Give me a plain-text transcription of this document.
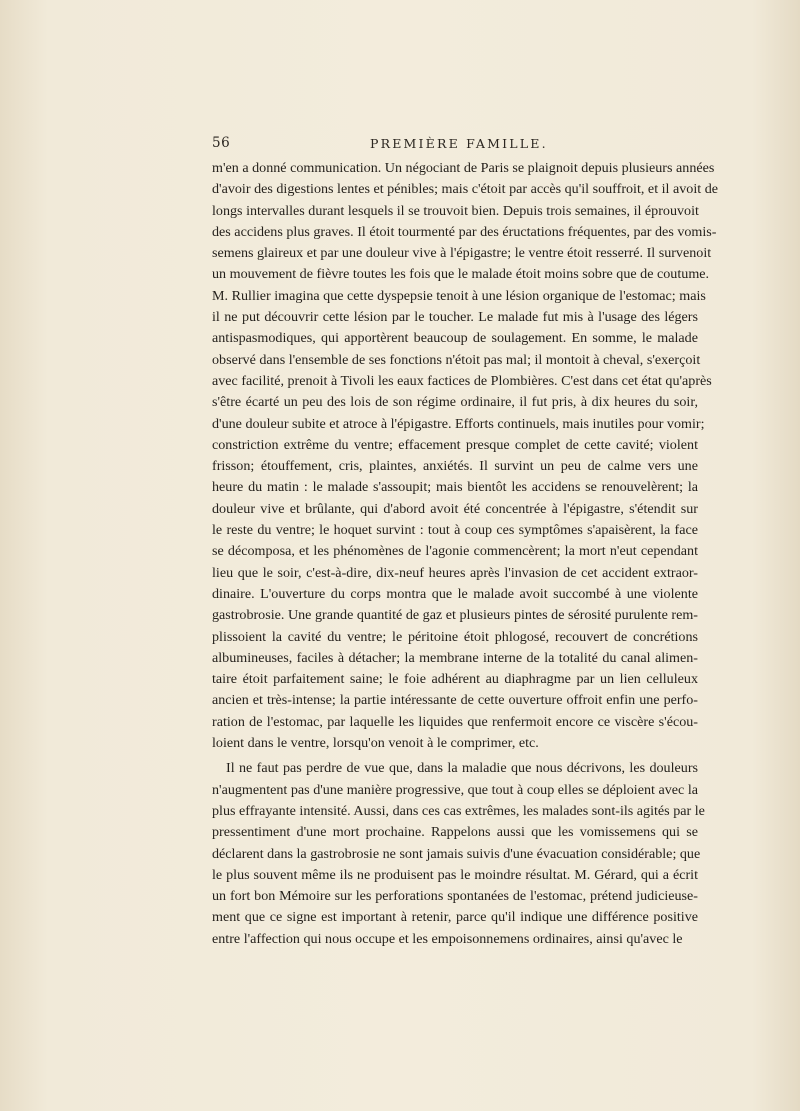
56	PREMIÈRE FAMILLE.
m'en a donné communication. Un négociant de Paris se plaignoit depuis plusieurs années
d'avoir des digestions lentes et pénibles; mais c'étoit par accès qu'il souffroit, et il avoit de
longs intervalles durant lesquels il se trouvoit bien. Depuis trois semaines, il éprouvoit
des accidens plus graves. Il étoit tourmenté par des éructations fréquentes, par des vomis-
semens glaireux et par une douleur vive à l'épigastre; le ventre étoit resserré. Il survenoit
un mouvement de fièvre toutes les fois que le malade étoit moins sobre que de coutume.
M. Rullier imagina que cette dyspepsie tenoit à une lésion organique de l'estomac; mais
il ne put découvrir cette lésion par le toucher. Le malade fut mis à l'usage des légers
antispasmodiques, qui apportèrent beaucoup de soulagement. En somme, le malade
observé dans l'ensemble de ses fonctions n'étoit pas mal; il montoit à cheval, s'exerçoit
avec facilité, prenoit à Tivoli les eaux factices de Plombières. C'est dans cet état qu'après
s'être écarté un peu des lois de son régime ordinaire, il fut pris, à dix heures du soir,
d'une douleur subite et atroce à l'épigastre. Efforts continuels, mais inutiles pour vomir;
constriction extrême du ventre; effacement presque complet de cette cavité; violent
frisson; étouffement, cris, plaintes, anxiétés. Il survint un peu de calme vers une
heure du matin : le malade s'assoupit; mais bientôt les accidens se renouvelèrent; la
douleur vive et brûlante, qui d'abord avoit été concentrée à l'épigastre, s'étendit sur
le reste du ventre; le hoquet survint : tout à coup ces symptômes s'apaisèrent, la face
se décomposa, et les phénomènes de l'agonie commencèrent; la mort n'eut cependant
lieu que le soir, c'est-à-dire, dix-neuf heures après l'invasion de cet accident extraor-
dinaire. L'ouverture du corps montra que le malade avoit succombé à une violente
gastrobrosie. Une grande quantité de gaz et plusieurs pintes de sérosité purulente rem-
plissoient la cavité du ventre; le péritoine étoit phlogosé, recouvert de concrétions
albumineuses, faciles à détacher; la membrane interne de la totalité du canal alimen-
taire étoit parfaitement saine; le foie adhérent au diaphragme par un lien celluleux
ancien et très-intense; la partie intéressante de cette ouverture offroit enfin une perfo-
ration de l'estomac, par laquelle les liquides que renfermoit encore ce viscère s'écou-
loient dans le ventre, lorsqu'on venoit à le comprimer, etc.
Il ne faut pas perdre de vue que, dans la maladie que nous décrivons, les douleurs
n'augmentent pas d'une manière progressive, que tout à coup elles se déploient avec la
plus effrayante intensité. Aussi, dans ces cas extrêmes, les malades sont-ils agités par le
pressentiment d'une mort prochaine. Rappelons aussi que les vomissemens qui se
déclarent dans la gastrobrosie ne sont jamais suivis d'une évacuation considérable; que
le plus souvent même ils ne produisent pas le moindre résultat. M. Gérard, qui a écrit
un fort bon Mémoire sur les perforations spontanées de l'estomac, prétend judicieuse-
ment que ce signe est important à retenir, parce qu'il indique une différence positive
entre l'affection qui nous occupe et les empoisonnemens ordinaires, ainsi qu'avec le
